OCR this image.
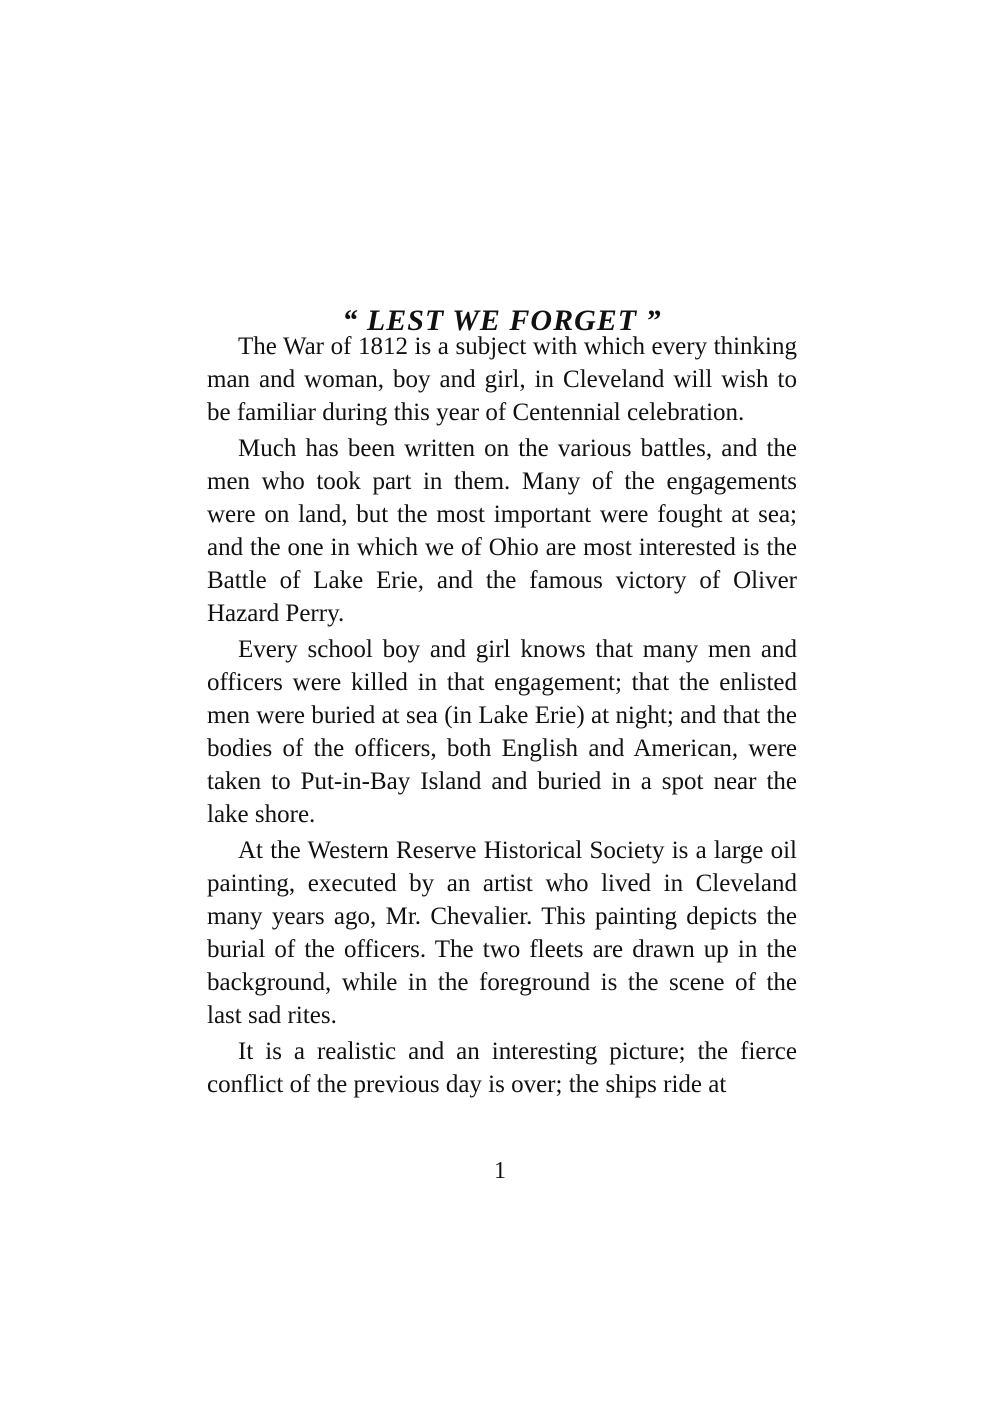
“ LEST WE FORGET ”

The War of 1812 is a subject with which every thinking man and woman, boy and girl, in Cleveland will wish to be familiar during this year of Centennial celebration.

Much has been written on the various battles, and the men who took part in them. Many of the engagements were on land, but the most important were fought at sea; and the one in which we of Ohio are most interested is the Battle of Lake Erie, and the famous victory of Oliver Hazard Perry.

Every school boy and girl knows that many men and officers were killed in that engagement; that the enlisted men were buried at sea (in Lake Erie) at night; and that the bodies of the officers, both English and American, were taken to Put-in-Bay Island and buried in a spot near the lake shore.

At the Western Reserve Historical Society is a large oil painting, executed by an artist who lived in Cleveland many years ago, Mr. Chevalier. This painting depicts the burial of the officers. The two fleets are drawn up in the background, while in the foreground is the scene of the last sad rites.

It is a realistic and an interesting picture; the fierce conflict of the previous day is over; the ships ride at

1
